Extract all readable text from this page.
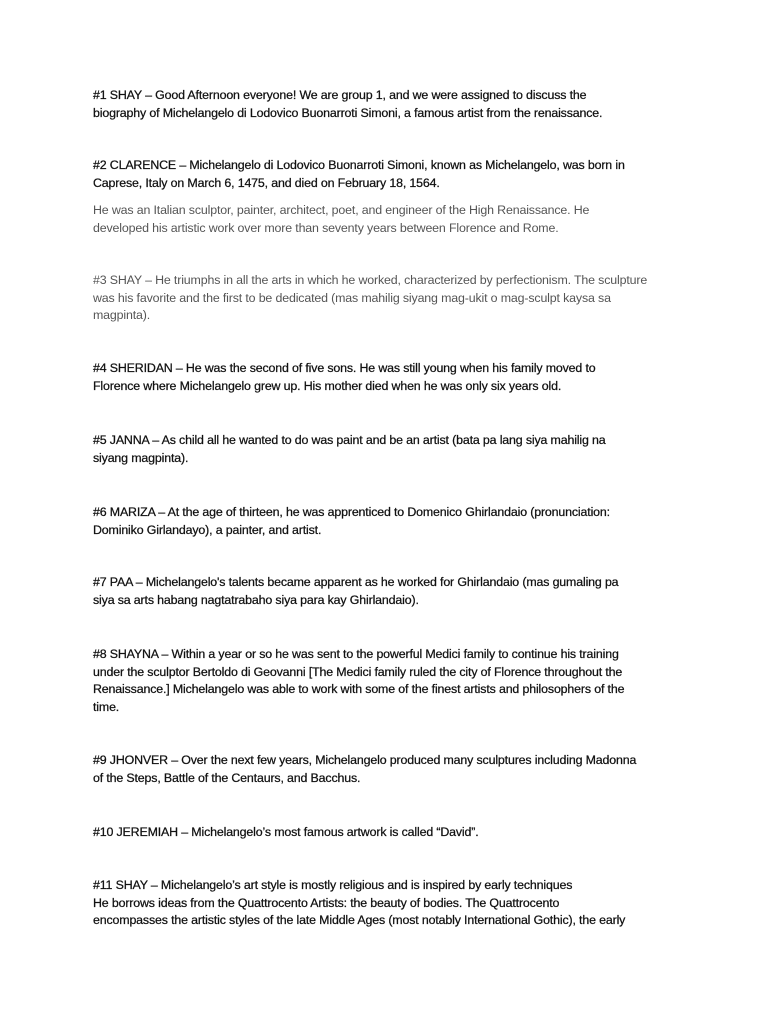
#1 SHAY – Good Afternoon everyone! We are group 1, and we were assigned to discuss the
biography of Michelangelo di Lodovico Buonarroti Simoni, a famous artist from the renaissance.

#2 CLARENCE – Michelangelo di Lodovico Buonarroti Simoni, known as Michelangelo, was born in
Caprese, Italy on March 6, 1475, and died on February 18, 1564.

He was an Italian sculptor, painter, architect, poet, and engineer of the High Renaissance. He
developed his artistic work over more than seventy years between Florence and Rome.

#3 SHAY – He triumphs in all the arts in which he worked, characterized by perfectionism. The sculpture
was his favorite and the first to be dedicated (mas mahilig siyang mag-ukit o mag-sculpt kaysa sa
magpinta).

#4 SHERIDAN – He was the second of five sons. He was still young when his family moved to
Florence where Michelangelo grew up. His mother died when he was only six years old.

#5 JANNA – As child all he wanted to do was paint and be an artist (bata pa lang siya mahilig na
siyang magpinta).

#6 MARIZA – At the age of thirteen, he was apprenticed to Domenico Ghirlandaio (pronunciation:
Dominiko Girlandayo), a painter, and artist.

#7 PAA – Michelangelo's talents became apparent as he worked for Ghirlandaio (mas gumaling pa
siya sa arts habang nagtatrabaho siya para kay Ghirlandaio).

#8 SHAYNA – Within a year or so he was sent to the powerful Medici family to continue his training
under the sculptor Bertoldo di Geovanni [The Medici family ruled the city of Florence throughout the
Renaissance.] Michelangelo was able to work with some of the finest artists and philosophers of the
time.

#9 JHONVER – Over the next few years, Michelangelo produced many sculptures including Madonna
of the Steps, Battle of the Centaurs, and Bacchus.

#10 JEREMIAH – Michelangelo’s most famous artwork is called “David”.

#11 SHAY – Michelangelo’s art style is mostly religious and is inspired by early techniques
He borrows ideas from the Quattrocento Artists: the beauty of bodies. The Quattrocento
encompasses the artistic styles of the late Middle Ages (most notably International Gothic), the early
